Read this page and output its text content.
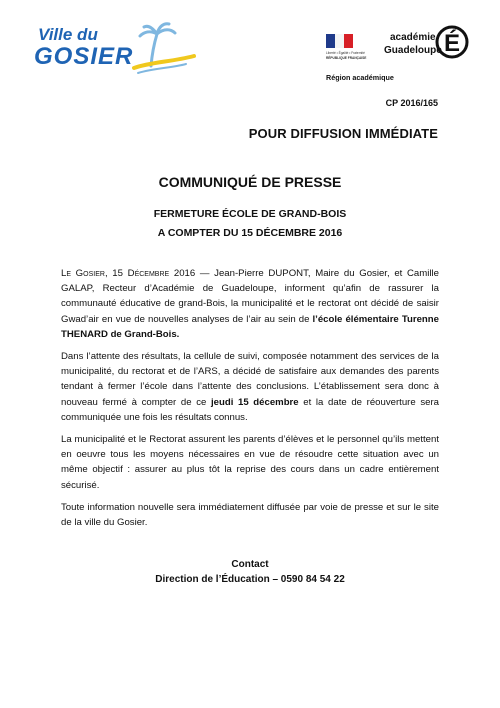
Ville du
GOSIER	Liberté • Égalité • Fraternité
RÉPUBLIQUE FRANÇAISE
académie
Guadeloupe É
Région académique
CP 2016/165
POUR DIFFUSION IMMÉDIATE
COMMUNIQUÉ DE PRESSE
FERMETURE ÉCOLE DE GRAND-BOIS
A COMPTER DU 15 DÉCEMBRE 2016
Le Gosier, 15 Décembre 2016 — Jean-Pierre DUPONT, Maire du Gosier, et Camille GALAP, Recteur d’Académie de Guadeloupe, informent qu’afin de rassurer la communauté éducative de grand-Bois, la municipalité et le rectorat ont décidé de saisir Gwad’air en vue de nouvelles analyses de l’air au sein de l’école élémentaire Turenne THENARD de Grand-Bois.
Dans l’attente des résultats, la cellule de suivi, composée notamment des services de la municipalité, du rectorat et de l’ARS, a décidé de satisfaire aux demandes des parents tendant à fermer l’école dans l’attente des conclusions. L’établissement sera donc à nouveau fermé à compter de ce jeudi 15 décembre et la date de réouverture sera communiquée une fois les résultats connus.
La municipalité et le Rectorat assurent les parents d’élèves et le personnel qu’ils mettent en oeuvre tous les moyens nécessaires en vue de résoudre cette situation avec un même objectif : assurer au plus tôt la reprise des cours dans un cadre entièrement sécurisé.
Toute information nouvelle sera immédiatement diffusée par voie de presse et sur le site de la ville du Gosier.
Contact
Direction de l’Éducation – 0590 84 54 22
